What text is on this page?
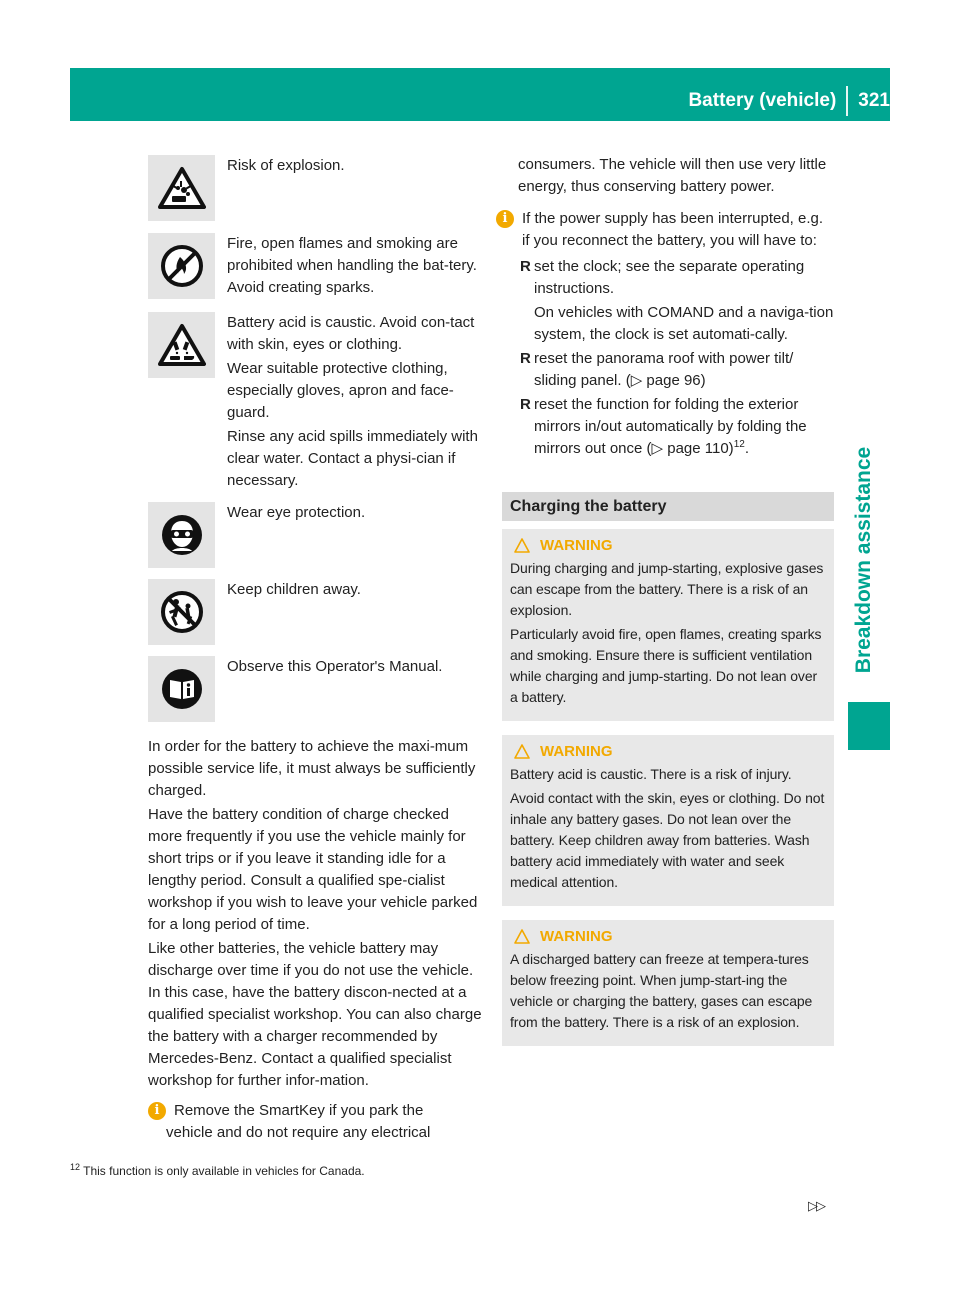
Battery (vehicle) 321
Breakdown assistance

Risk of explosion.

Fire, open flames and smoking are prohibited when handling the bat-tery. Avoid creating sparks.

Battery acid is caustic. Avoid con-tact with skin, eyes or clothing.

Wear suitable protective clothing, especially gloves, apron and face-guard.

Rinse any acid spills immediately with clear water. Contact a physi-cian if necessary.

Wear eye protection.

Keep children away.

Observe this Operator's Manual.

In order for the battery to achieve the maxi-mum possible service life, it must always be sufficiently charged.

Have the battery condition of charge checked more frequently if you use the vehicle mainly for short trips or if you leave it standing idle for a lengthy period. Consult a qualified spe-cialist workshop if you wish to leave your vehicle parked for a long period of time.

Like other batteries, the vehicle battery may discharge over time if you do not use the vehicle. In this case, have the battery discon-nected at a qualified specialist workshop. You can also charge the battery with a charger recommended by Mercedes-Benz. Contact a qualified specialist workshop for further infor-mation.

i Remove the SmartKey if you park the
vehicle and do not require any electrical

consumers. The vehicle will then use very little energy, thus conserving battery power.

i If the power supply has been interrupted, e.g. if you reconnect the battery, you will have to:
R set the clock; see the separate operating instructions.
On vehicles with COMAND and a naviga-tion system, the clock is set automati-cally.
R reset the panorama roof with power tilt/ sliding panel. (▷ page 96)
R reset the function for folding the exterior mirrors in/out automatically by folding the mirrors out once (▷ page 110)$^{12}$.
Charging the battery
WARNING

During charging and jump-starting, explosive gases can escape from the battery. There is a risk of an explosion.

Particularly avoid fire, open flames, creating sparks and smoking. Ensure there is sufficient ventilation while charging and jump-starting. Do not lean over a battery.

WARNING

Battery acid is caustic. There is a risk of injury.

Avoid contact with the skin, eyes or clothing. Do not inhale any battery gases. Do not lean over the battery. Keep children away from batteries. Wash battery acid immediately with water and seek medical attention.

WARNING

A discharged battery can freeze at tempera-tures below freezing point. When jump-start-ing the vehicle or charging the battery, gases can escape from the battery. There is a risk of an explosion.

$^{12}$ This function is only available in vehicles for Canada.
▷▷
